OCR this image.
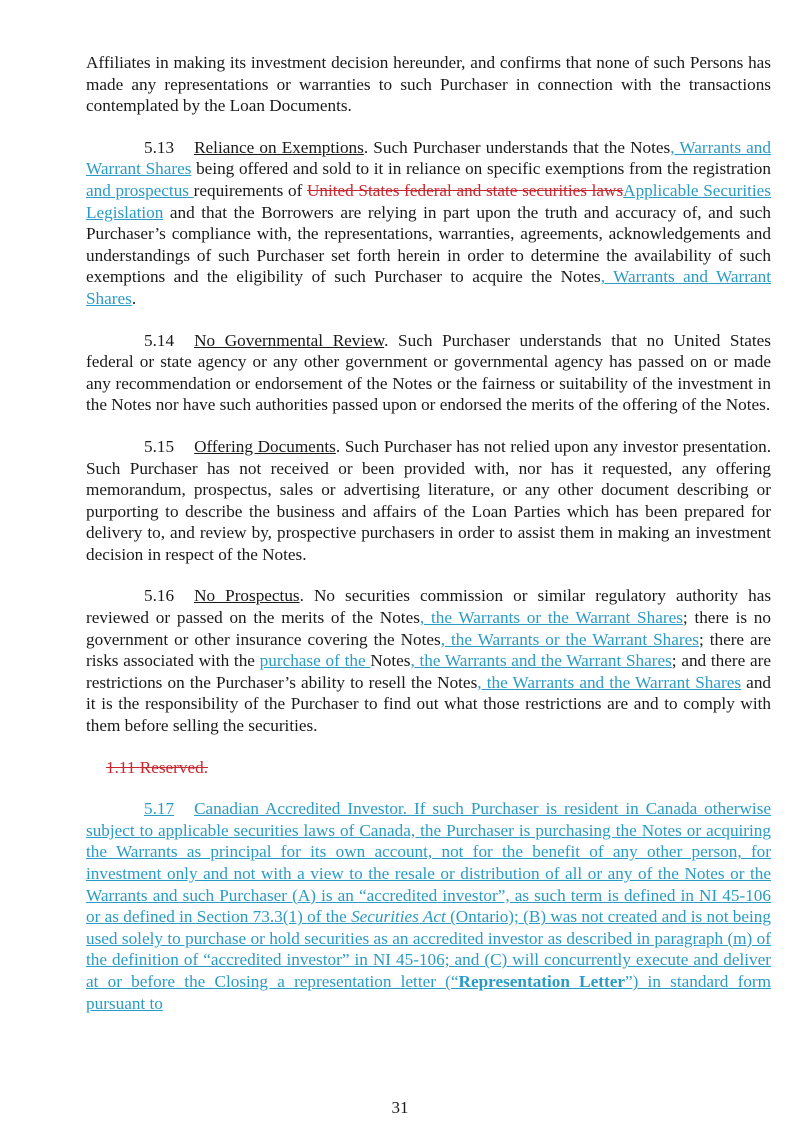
Affiliates in making its investment decision hereunder, and confirms that none of such Persons has made any representations or warranties to such Purchaser in connection with the transactions contemplated by the Loan Documents.

5.13 Reliance on Exemptions. Such Purchaser understands that the Notes, Warrants and Warrant Shares being offered and sold to it in reliance on specific exemptions from the registration and prospectus requirements of United States federal and state securities lawsApplicable Securities Legislation and that the Borrowers are relying in part upon the truth and accuracy of, and such Purchaser’s compliance with, the representations, warranties, agreements, acknowledgements and understandings of such Purchaser set forth herein in order to determine the availability of such exemptions and the eligibility of such Purchaser to acquire the Notes, Warrants and Warrant Shares.

5.14 No Governmental Review. Such Purchaser understands that no United States federal or state agency or any other government or governmental agency has passed on or made any recommendation or endorsement of the Notes or the fairness or suitability of the investment in the Notes nor have such authorities passed upon or endorsed the merits of the offering of the Notes.

5.15 Offering Documents. Such Purchaser has not relied upon any investor presentation. Such Purchaser has not received or been provided with, nor has it requested, any offering memorandum, prospectus, sales or advertising literature, or any other document describing or purporting to describe the business and affairs of the Loan Parties which has been prepared for delivery to, and review by, prospective purchasers in order to assist them in making an investment decision in respect of the Notes.

5.16 No Prospectus. No securities commission or similar regulatory authority has reviewed or passed on the merits of the Notes, the Warrants or the Warrant Shares; there is no government or other insurance covering the Notes, the Warrants or the Warrant Shares; there are risks associated with the purchase of the Notes, the Warrants and the Warrant Shares; and there are restrictions on the Purchaser’s ability to resell the Notes, the Warrants and the Warrant Shares and it is the responsibility of the Purchaser to find out what those restrictions are and to comply with them before selling the securities.

1.11 Reserved.

5.17 Canadian Accredited Investor. If such Purchaser is resident in Canada otherwise subject to applicable securities laws of Canada, the Purchaser is purchasing the Notes or acquiring the Warrants as principal for its own account, not for the benefit of any other person, for investment only and not with a view to the resale or distribution of all or any of the Notes or the Warrants and such Purchaser (A) is an “accredited investor”, as such term is defined in NI 45-106 or as defined in Section 73.3(1) of the Securities Act (Ontario); (B) was not created and is not being used solely to purchase or hold securities as an accredited investor as described in paragraph (m) of the definition of “accredited investor” in NI 45-106; and (C) will concurrently execute and deliver at or before the Closing a representation letter (“Representation Letter”) in standard form pursuant to

31
